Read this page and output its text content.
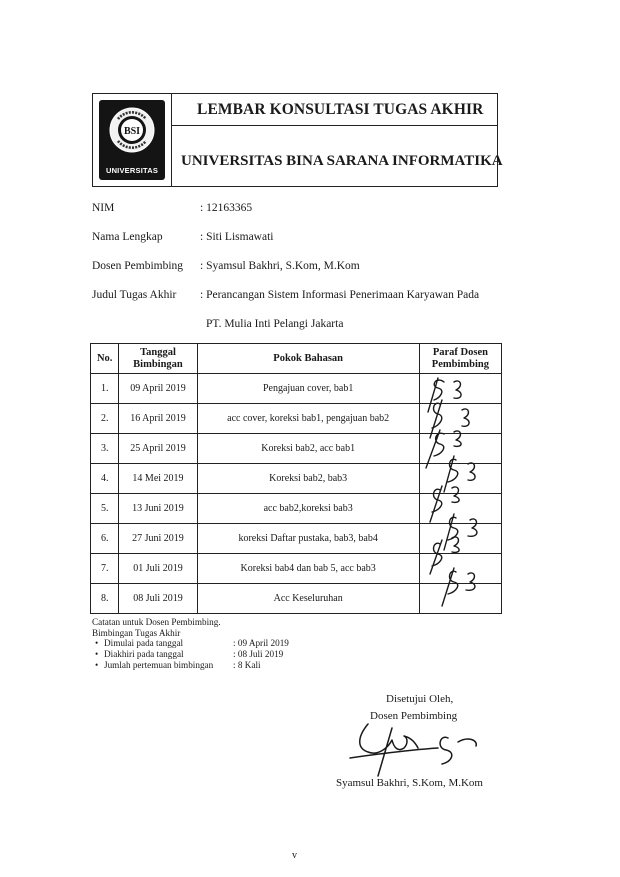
BSI
UNIVERSITAS
LEMBAR KONSULTASI TUGAS AKHIR
UNIVERSITAS BINA SARANA INFORMATIKA
NIM	: 12163365
Nama Lengkap	: Siti Lismawati
Dosen Pembimbing : Syamsul Bakhri, S.Kom, M.Kom
Judul Tugas Akhir : Perancangan Sistem Informasi Penerimaan Karyawan Pada
PT. Mulia Inti Pelangi Jakarta
No.	Tanggal Bimbingan	Pokok Bahasan	Paraf Dosen Pembimbing
1.	09 April 2019	Pengajuan cover, bab1	
2.	16 April 2019	acc cover, koreksi bab1, pengajuan bab2	
3.	25 April 2019	Koreksi bab2, acc bab1	
4.	14 Mei 2019	Koreksi bab2, bab3	
5.	13 Juni 2019	acc bab2,koreksi bab3	
6.	27 Juni 2019	koreksi Daftar pustaka, bab3, bab4	
7.	01 Juli 2019	Koreksi bab4 dan bab 5, acc bab3	
8.	08 Juli 2019	Acc Keseluruhan	
Catatan untuk Dosen Pembimbing.
Bimbingan Tugas Akhir
• Dimulai pada tanggal	: 09 April 2019
• Diakhiri pada tanggal	: 08 Juli 2019
• Jumlah pertemuan bimbingan : 8 Kali
Disetujui Oleh,
Dosen Pembimbing
Syamsul Bakhri, S.Kom, M.Kom
v
